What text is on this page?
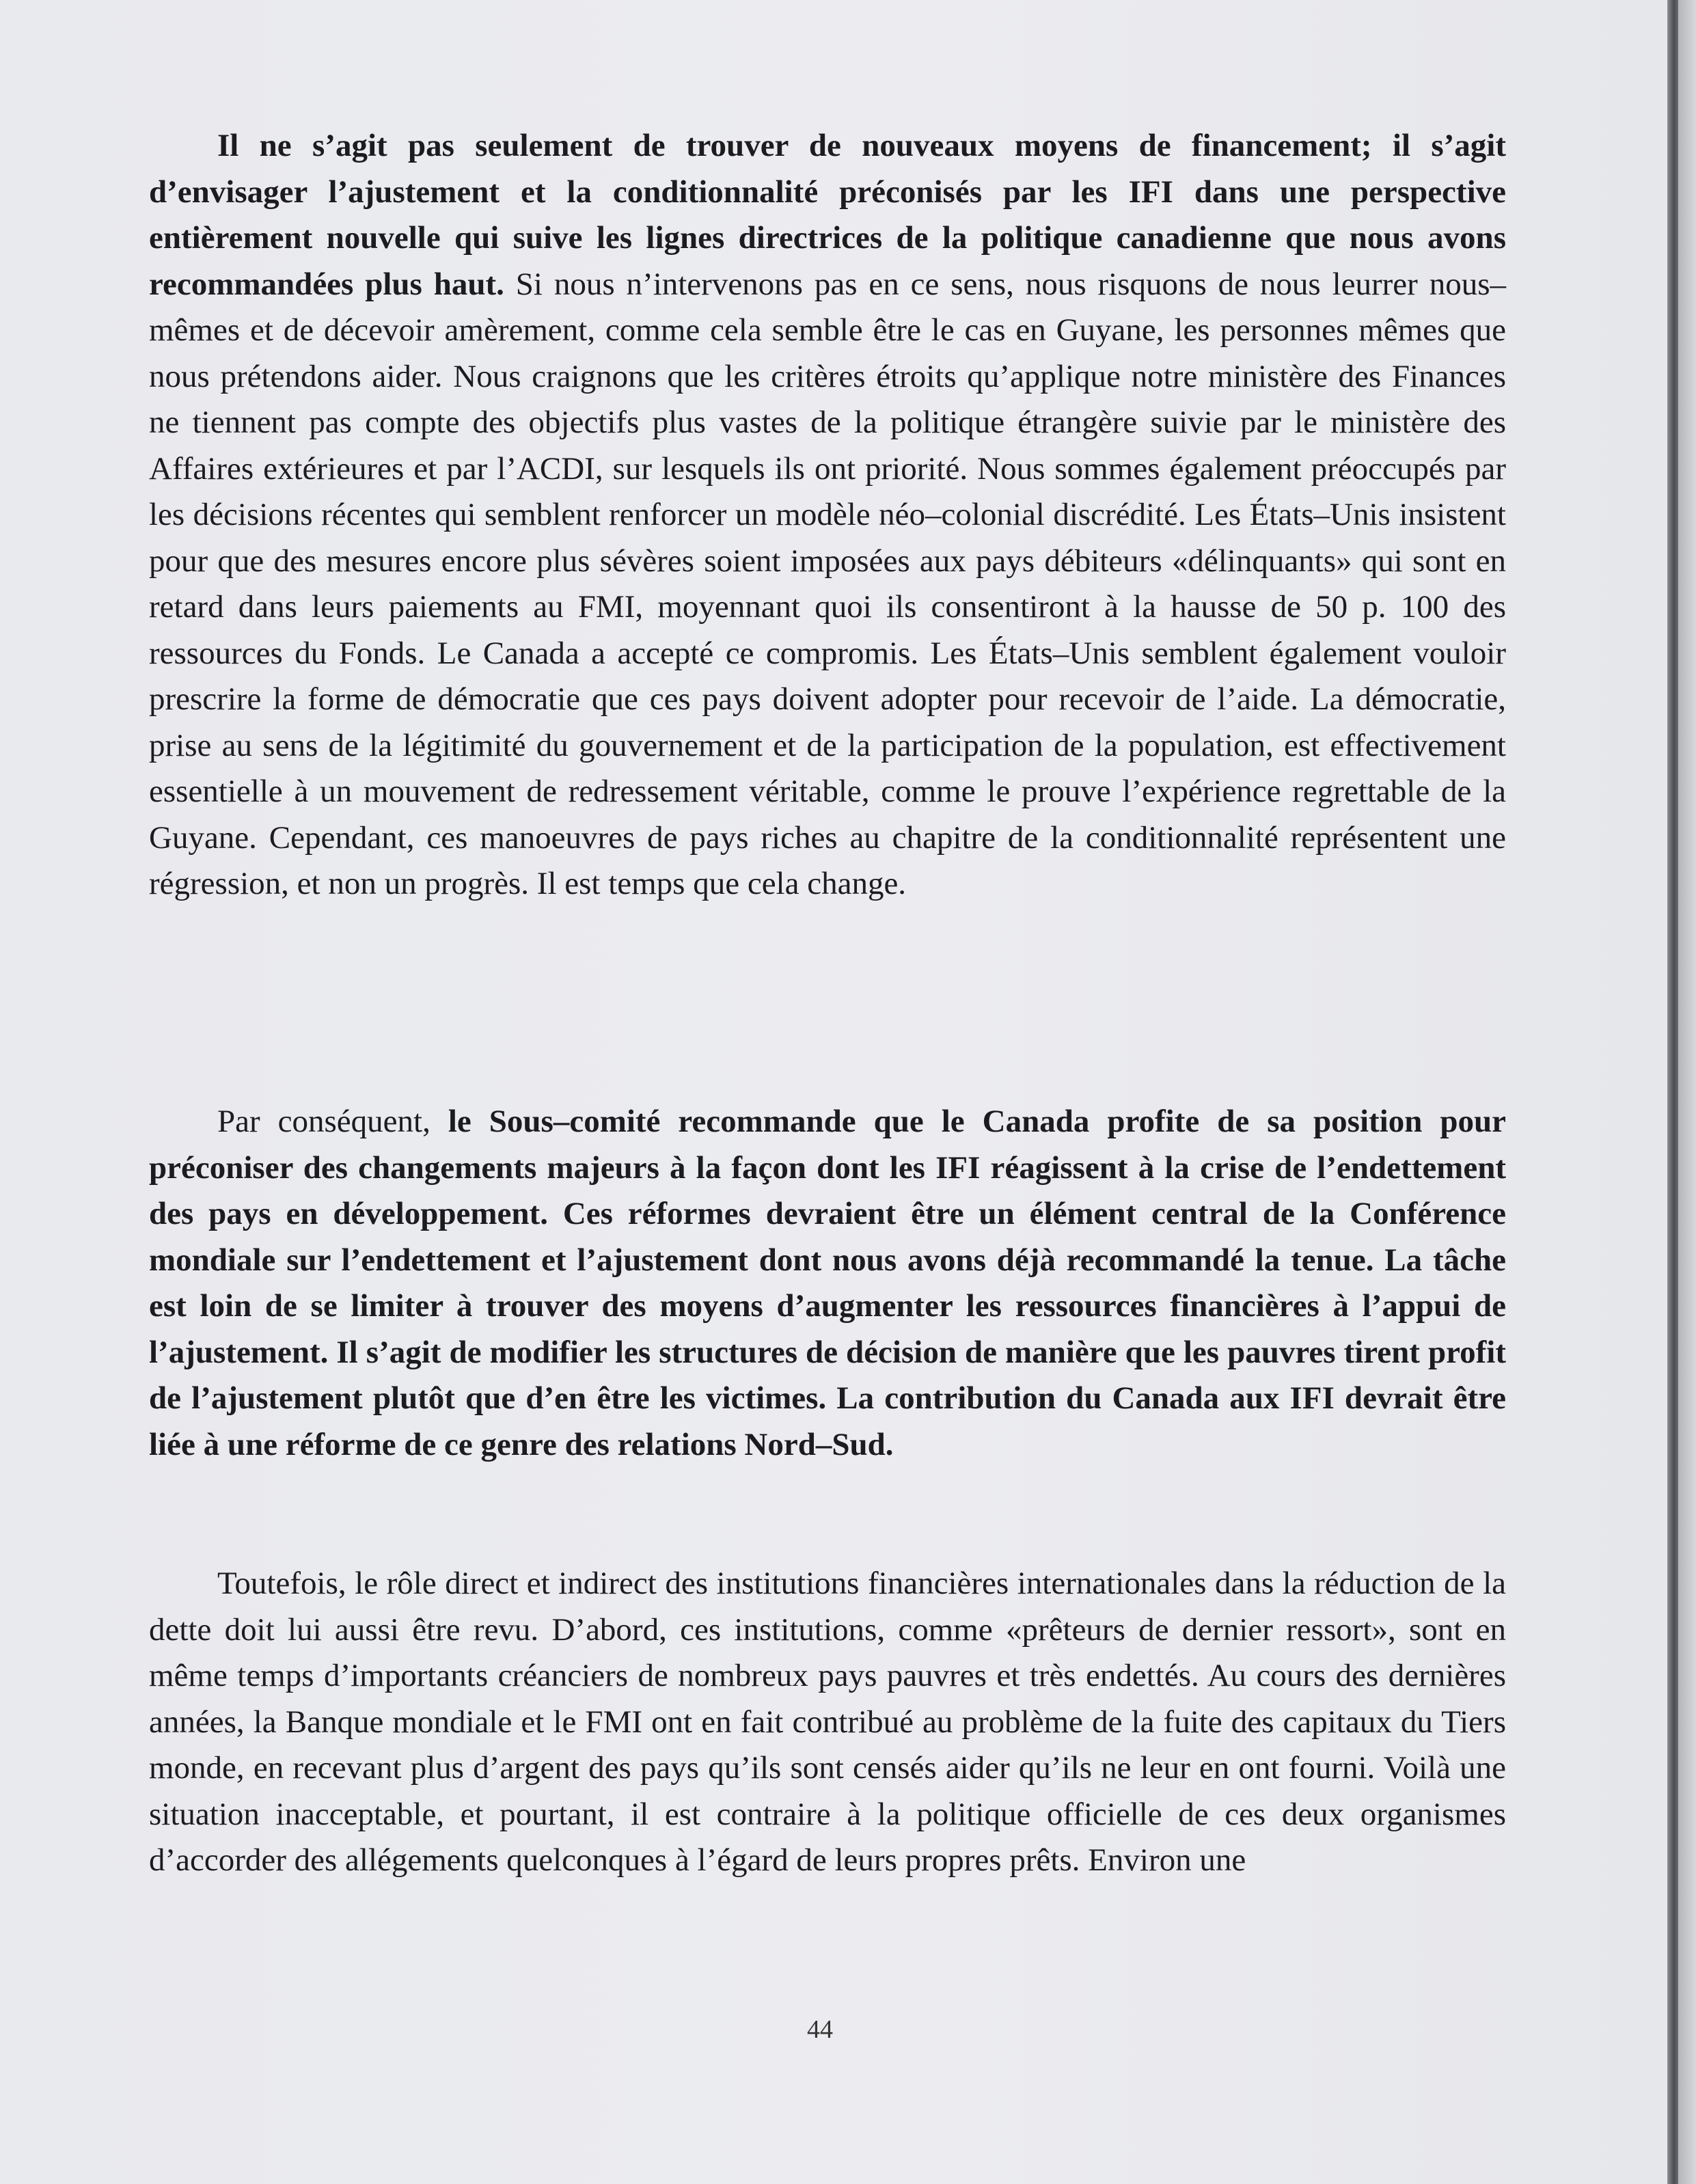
Il ne s’agit pas seulement de trouver de nouveaux moyens de financement; il s’agit d’envisager l’ajustement et la conditionnalité préconisés par les IFI dans une perspective entièrement nouvelle qui suive les lignes directrices de la politique canadienne que nous avons recommandées plus haut. Si nous n’intervenons pas en ce sens, nous risquons de nous leurrer nous–mêmes et de décevoir amèrement, comme cela semble être le cas en Guyane, les personnes mêmes que nous prétendons aider. Nous craignons que les critères étroits qu’applique notre ministère des Finances ne tiennent pas compte des objectifs plus vastes de la politique étrangère suivie par le ministère des Affaires extérieures et par l’ACDI, sur lesquels ils ont priorité. Nous sommes également préoccupés par les décisions récentes qui semblent renforcer un modèle néo–colonial discrédité. Les États–Unis insistent pour que des mesures encore plus sévères soient imposées aux pays débiteurs «délinquants» qui sont en retard dans leurs paiements au FMI, moyennant quoi ils consentiront à la hausse de 50 p. 100 des ressources du Fonds. Le Canada a accepté ce compromis. Les États–Unis semblent également vouloir prescrire la forme de démocratie que ces pays doivent adopter pour recevoir de l’aide. La démocratie, prise au sens de la légitimité du gouvernement et de la participation de la population, est effectivement essentielle à un mouvement de redressement véritable, comme le prouve l’expérience regrettable de la Guyane. Cependant, ces manoeuvres de pays riches au chapitre de la conditionnalité représentent une régression, et non un progrès. Il est temps que cela change.

Par conséquent, le Sous–comité recommande que le Canada profite de sa position pour préconiser des changements majeurs à la façon dont les IFI réagissent à la crise de l’endettement des pays en développement. Ces réformes devraient être un élément central de la Conférence mondiale sur l’endettement et l’ajustement dont nous avons déjà recommandé la tenue. La tâche est loin de se limiter à trouver des moyens d’augmenter les ressources financières à l’appui de l’ajustement. Il s’agit de modifier les structures de décision de manière que les pauvres tirent profit de l’ajustement plutôt que d’en être les victimes. La contribution du Canada aux IFI devrait être liée à une réforme de ce genre des relations Nord–Sud.

Toutefois, le rôle direct et indirect des institutions financières internationales dans la réduction de la dette doit lui aussi être revu. D’abord, ces institutions, comme «prêteurs de dernier ressort», sont en même temps d’importants créanciers de nombreux pays pauvres et très endettés. Au cours des dernières années, la Banque mondiale et le FMI ont en fait contribué au problème de la fuite des capitaux du Tiers monde, en recevant plus d’argent des pays qu’ils sont censés aider qu’ils ne leur en ont fourni. Voilà une situation inacceptable, et pourtant, il est contraire à la politique officielle de ces deux organismes d’accorder des allégements quelconques à l’égard de leurs propres prêts. Environ une

44
